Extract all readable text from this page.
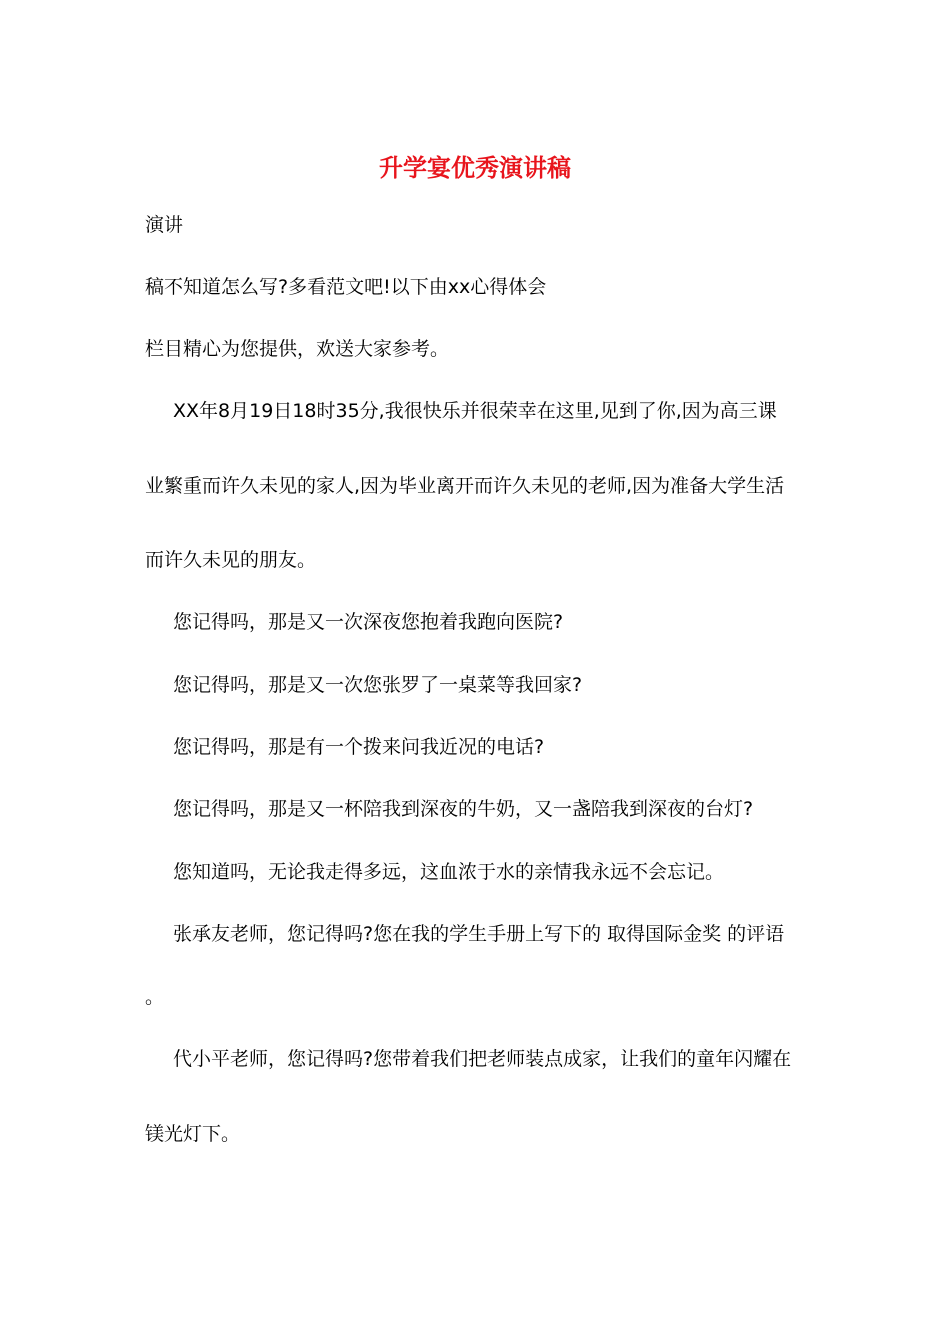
升学宴优秀演讲稿
演讲
稿不知道怎么写?多看范文吧!以下由xx心得体会
栏目精心为您提供，欢送大家参考。
XX年8月19日18时35分,我很快乐并很荣幸在这里,见到了你,因为高三课
业繁重而许久未见的家人,因为毕业离开而许久未见的老师,因为准备大学生活
而许久未见的朋友。
您记得吗，那是又一次深夜您抱着我跑向医院?
您记得吗，那是又一次您张罗了一桌菜等我回家?
您记得吗，那是有一个拨来问我近况的电话?
您记得吗，那是又一杯陪我到深夜的牛奶，又一盏陪我到深夜的台灯?
您知道吗，无论我走得多远，这血浓于水的亲情我永远不会忘记。
张承友老师，您记得吗?您在我的学生手册上写下的 取得国际金奖 的评语
。
代小平老师，您记得吗?您带着我们把老师装点成家，让我们的童年闪耀在
镁光灯下。
